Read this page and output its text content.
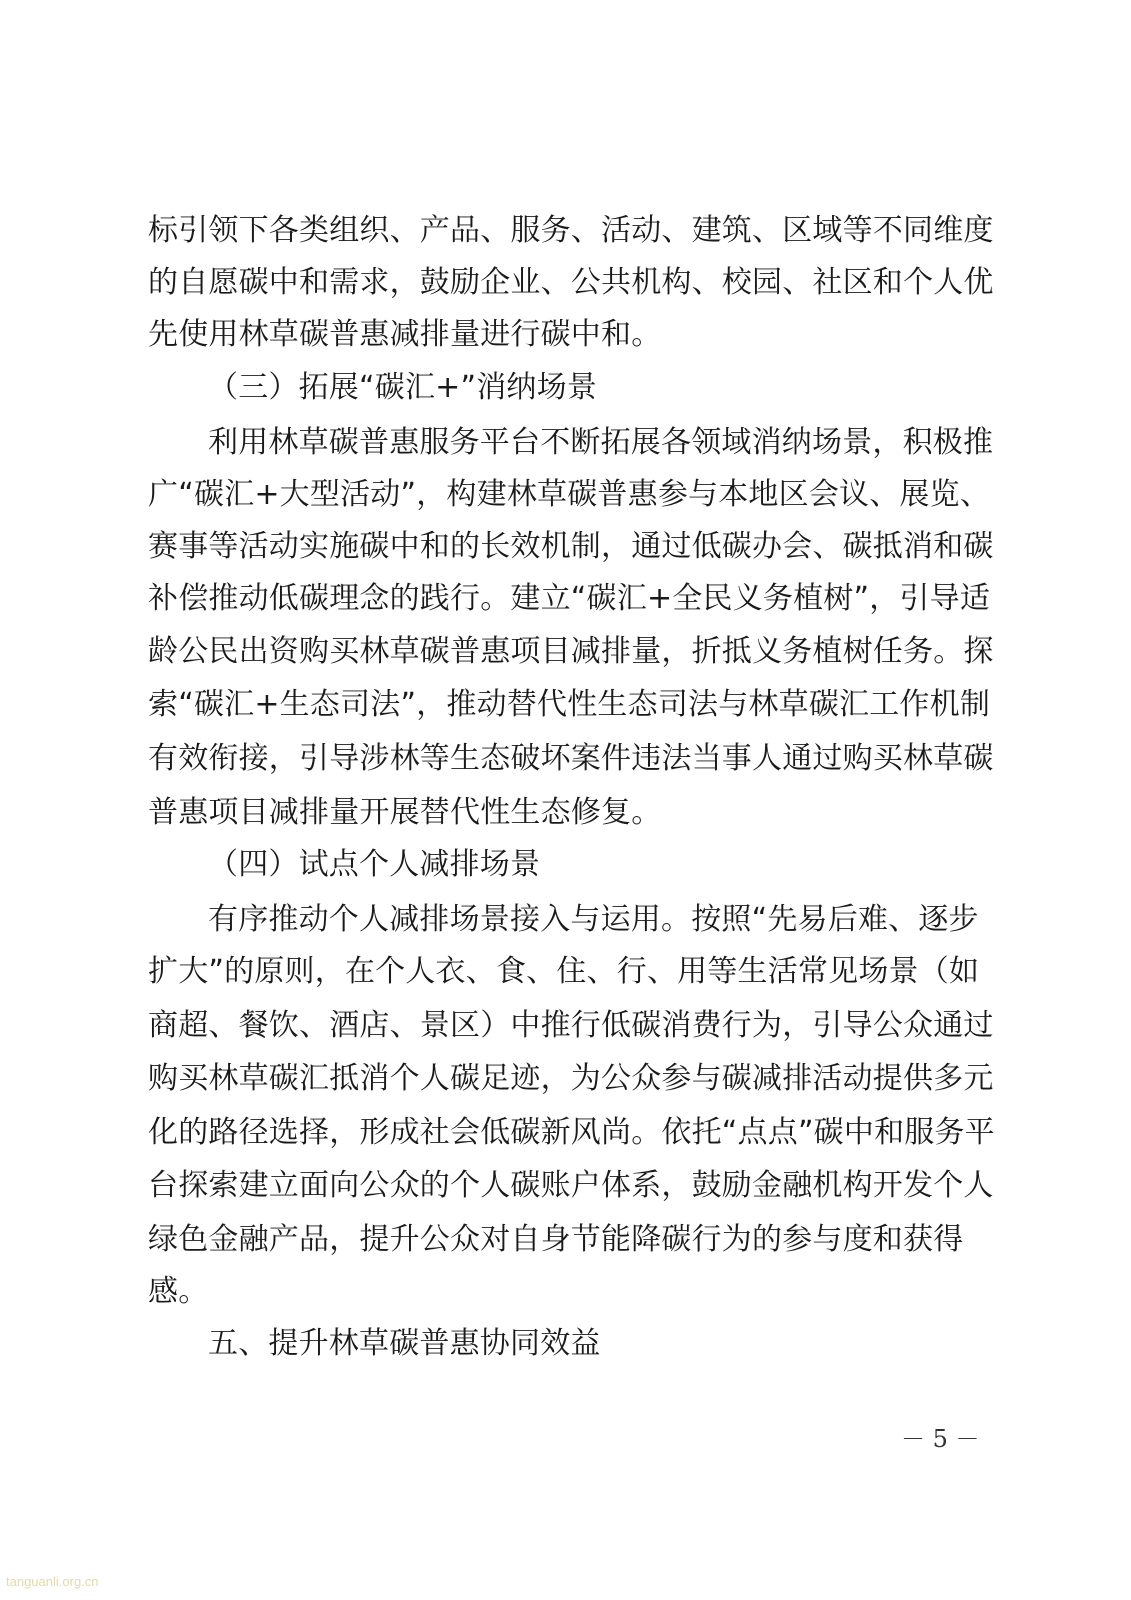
标引领下各类组织、产品、服务、活动、建筑、区域等不同维度
的自愿碳中和需求，鼓励企业、公共机构、校园、社区和个人优
先使用林草碳普惠减排量进行碳中和。
（三）拓展“碳汇+”消纳场景
利用林草碳普惠服务平台不断拓展各领域消纳场景，积极推
广“碳汇+大型活动”，构建林草碳普惠参与本地区会议、展览、
赛事等活动实施碳中和的长效机制，通过低碳办会、碳抵消和碳
补偿推动低碳理念的践行。建立“碳汇+全民义务植树”，引导适
龄公民出资购买林草碳普惠项目减排量，折抵义务植树任务。探
索“碳汇+生态司法”，推动替代性生态司法与林草碳汇工作机制
有效衔接，引导涉林等生态破坏案件违法当事人通过购买林草碳
普惠项目减排量开展替代性生态修复。
（四）试点个人减排场景
有序推动个人减排场景接入与运用。按照“先易后难、逐步
扩大”的原则，在个人衣、食、住、行、用等生活常见场景（如
商超、餐饮、酒店、景区）中推行低碳消费行为，引导公众通过
购买林草碳汇抵消个人碳足迹，为公众参与碳减排活动提供多元
化的路径选择，形成社会低碳新风尚。依托“点点”碳中和服务平
台探索建立面向公众的个人碳账户体系，鼓励金融机构开发个人
绿色金融产品，提升公众对自身节能降碳行为的参与度和获得
感。
五、提升林草碳普惠协同效益
－ 5 －
tanguanli.org.cn
